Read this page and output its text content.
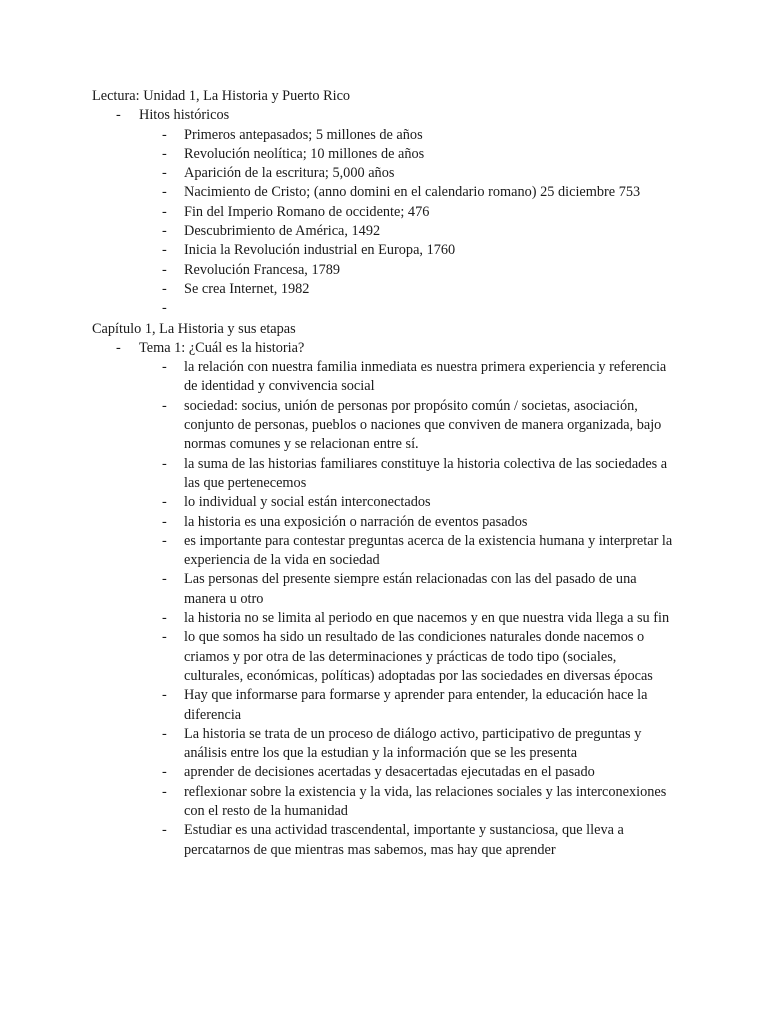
Lectura: Unidad 1, La Historia y Puerto Rico

- Hitos históricos
- Primeros antepasados; 5 millones de años
- Revolución neolítica; 10 millones de años
- Aparición de la escritura; 5,000 años
- Nacimiento de Cristo; (anno domini en el calendario romano) 25 diciembre 753
- Fin del Imperio Romano de occidente; 476
- Descubrimiento de América, 1492
- Inicia la Revolución industrial en Europa, 1760
- Revolución Francesa, 1789
- Se crea Internet, 1982
-

Capítulo 1, La Historia y sus etapas

- Tema 1: ¿Cuál es la historia?
- la relación con nuestra familia inmediata es nuestra primera experiencia y referencia de identidad y convivencia social
- sociedad: socius, unión de personas por propósito común / societas, asociación, conjunto de personas, pueblos o naciones que conviven de manera organizada, bajo normas comunes y se relacionan entre sí.
- la suma de las historias familiares constituye la historia colectiva de las sociedades a las que pertenecemos
- lo individual y social están interconectados
- la historia es una exposición o narración de eventos pasados
- es importante para contestar preguntas acerca de la existencia humana y interpretar la experiencia de la vida en sociedad
- Las personas del presente siempre están relacionadas con las del pasado de una manera u otro
- la historia no se limita al periodo en que nacemos y en que nuestra vida llega a su fin
- lo que somos ha sido un resultado de las condiciones naturales donde nacemos o criamos y por otra de las determinaciones y prácticas de todo tipo (sociales, culturales, económicas, políticas) adoptadas por las sociedades en diversas épocas
- Hay que informarse para formarse y aprender para entender, la educación hace la diferencia
- La historia se trata de un proceso de diálogo activo, participativo de preguntas y análisis entre los que la estudian y la información que se les presenta
- aprender de decisiones acertadas y desacertadas ejecutadas en el pasado
- reflexionar sobre la existencia y la vida, las relaciones sociales y las interconexiones con el resto de la humanidad
- Estudiar es una actividad trascendental, importante y sustanciosa, que lleva a percatarnos de que mientras mas sabemos, mas hay que aprender
